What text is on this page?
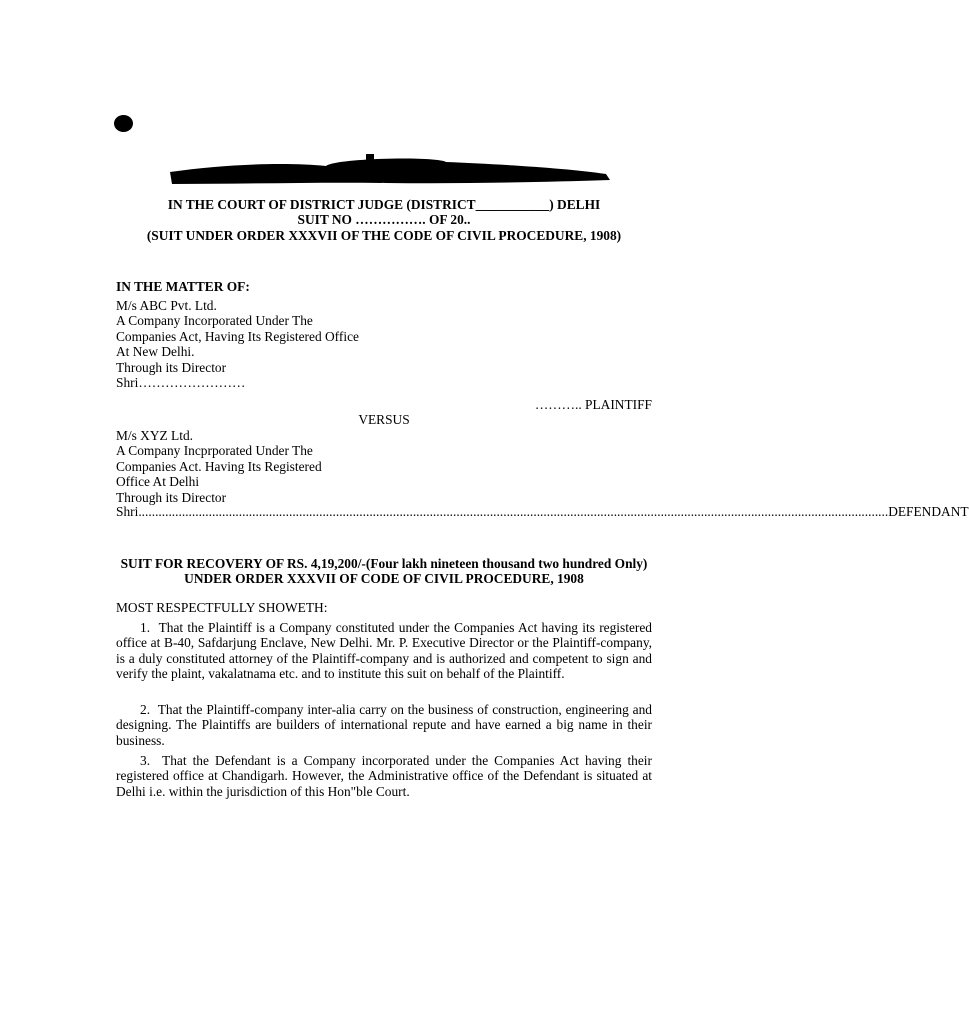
IN THE COURT OF DISTRICT JUDGE (DISTRICT___________) DELHI
SUIT NO ……………. OF 20..
(SUIT UNDER ORDER XXXVII OF THE CODE OF CIVIL PROCEDURE, 1908)
IN THE MATTER OF:
M/s ABC Pvt. Ltd.
A Company Incorporated Under The
Companies Act, Having Its Registered Office
At New Delhi.
Through its Director
Shri……………………
……….. PLAINTIFF
VERSUS
M/s XYZ Ltd.
A Company Incprporated Under The
Companies Act. Having Its Registered
Office At Delhi
Through its Director
Shri ................................................................................................................................................................................................................................ DEFENDANT
SUIT FOR RECOVERY OF RS. 4,19,200/-(Four lakh nineteen thousand two hundred Only) UNDER ORDER XXXVII OF CODE OF CIVIL PROCEDURE, 1908
MOST RESPECTFULLY SHOWETH:
1. That the Plaintiff is a Company constituted under the Companies Act having its registered office at B-40, Safdarjung Enclave, New Delhi. Mr. P. Executive Director or the Plaintiff-company, is a duly constituted attorney of the Plaintiff-company and is authorized and competent to sign and verify the plaint, vakalatnama etc. and to institute this suit on behalf of the Plaintiff.
2. That the Plaintiff-company inter-alia carry on the business of construction, engineering and designing. The Plaintiffs are builders of international repute and have earned a big name in their business.
3. That the Defendant is a Company incorporated under the Companies Act having their registered office at Chandigarh. However, the Administrative office of the Defendant is situated at Delhi i.e. within the jurisdiction of this Hon"ble Court.
